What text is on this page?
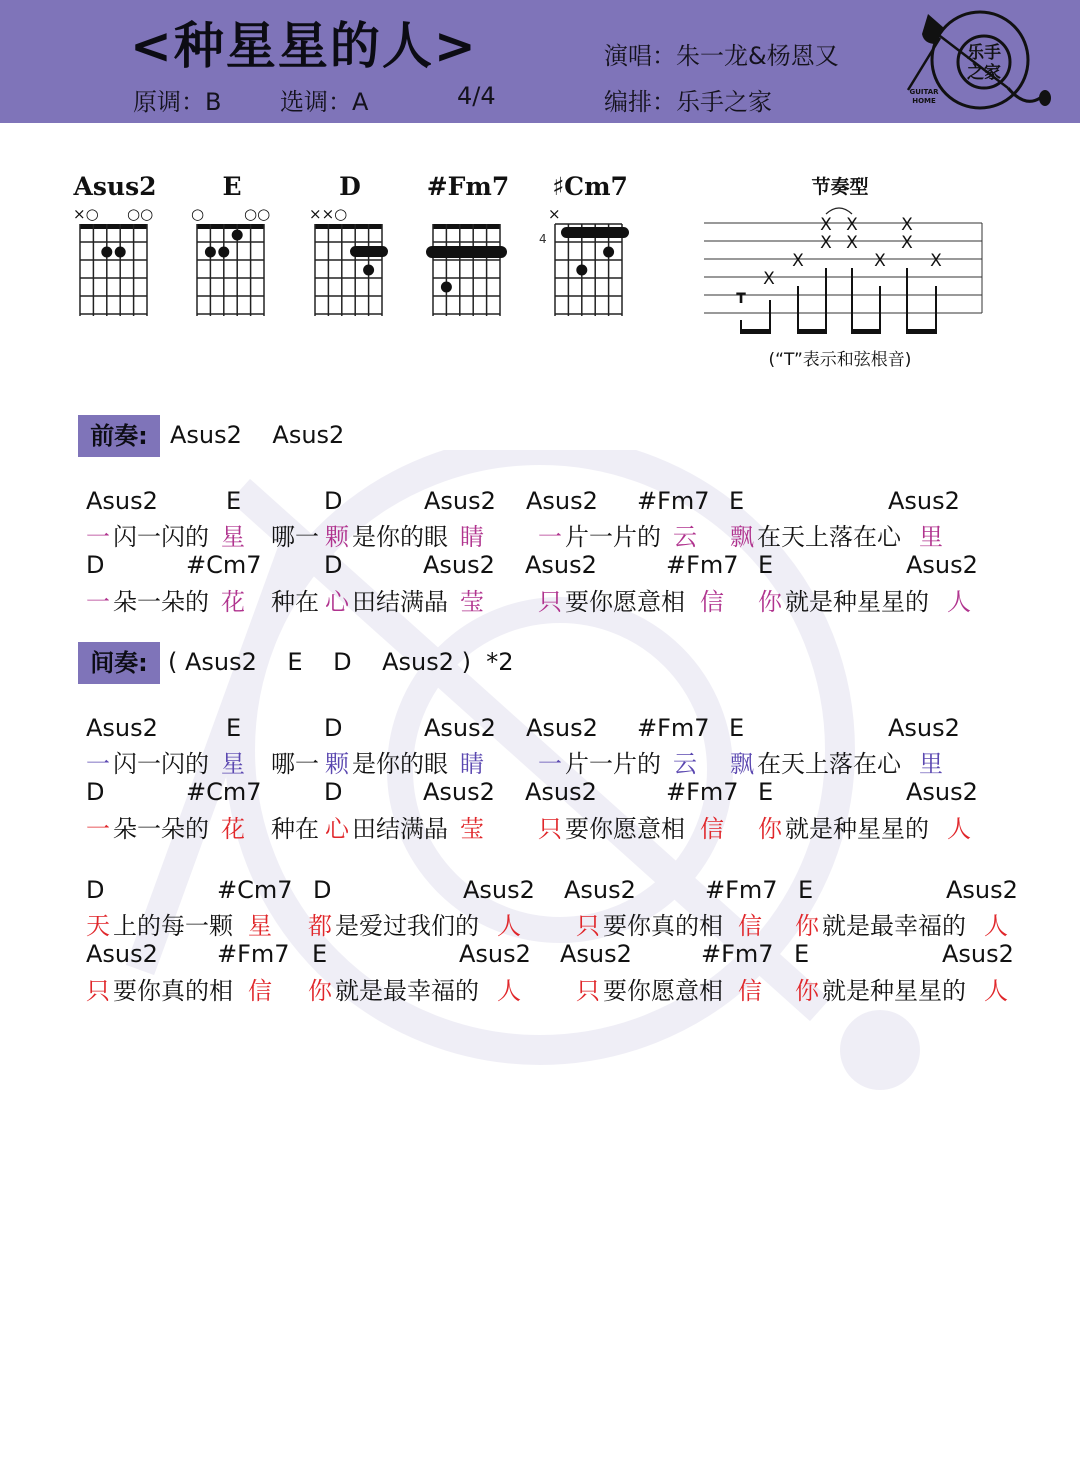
<种星星的人>
原调：B 选调：A	4/4
演唱：朱一龙&杨恩又
编排：乐手之家
乐手
之家
GUITAR
HOME
Asus2
×○ ○○
E
○	○○
D
××○
#Fm7	♯Cm7
×
4
节奏型
T
X
X
X
X
X
X
X
X
X
X
(“T”表示和弦根音)
前奏: Asus2    Asus2
Asus2	E	D	Asus2 Asus2 #Fm7 E	Asus2
一 闪一闪的 星 哪一 颗 是你的眼 睛 一 片一片的 云 飘 在天上落在心 里
D	#Cm7	D	Asus2 Asus2	#Fm7 E	Asus2
一 朵一朵的 花 种在 心 田结满晶 莹 只 要你愿意相 信 你 就是种星星的 人
间奏: ( Asus2    E    D    Asus2 )  *2
Asus2	E	D	Asus2 Asus2 #Fm7 E	Asus2
一 闪一闪的 星 哪一 颗 是你的眼 睛 一 片一片的 云 飘 在天上落在心 里
D	#Cm7	D	Asus2 Asus2	#Fm7 E	Asus2
一 朵一朵的 花 种在 心 田结满晶 莹 只 要你愿意相 信 你 就是种星星的 人
D	#Cm7 D	Asus2 Asus2	#Fm7 E	Asus2
天 上的每一颗 星 都 是爱过我们的 人 只 要你真的相 信 你 就是最幸福的 人
Asus2 #Fm7 E	Asus2 Asus2	#Fm7 E	Asus2
只 要你真的相 信 你 就是最幸福的 人 只 要你愿意相 信 你 就是种星星的 人
